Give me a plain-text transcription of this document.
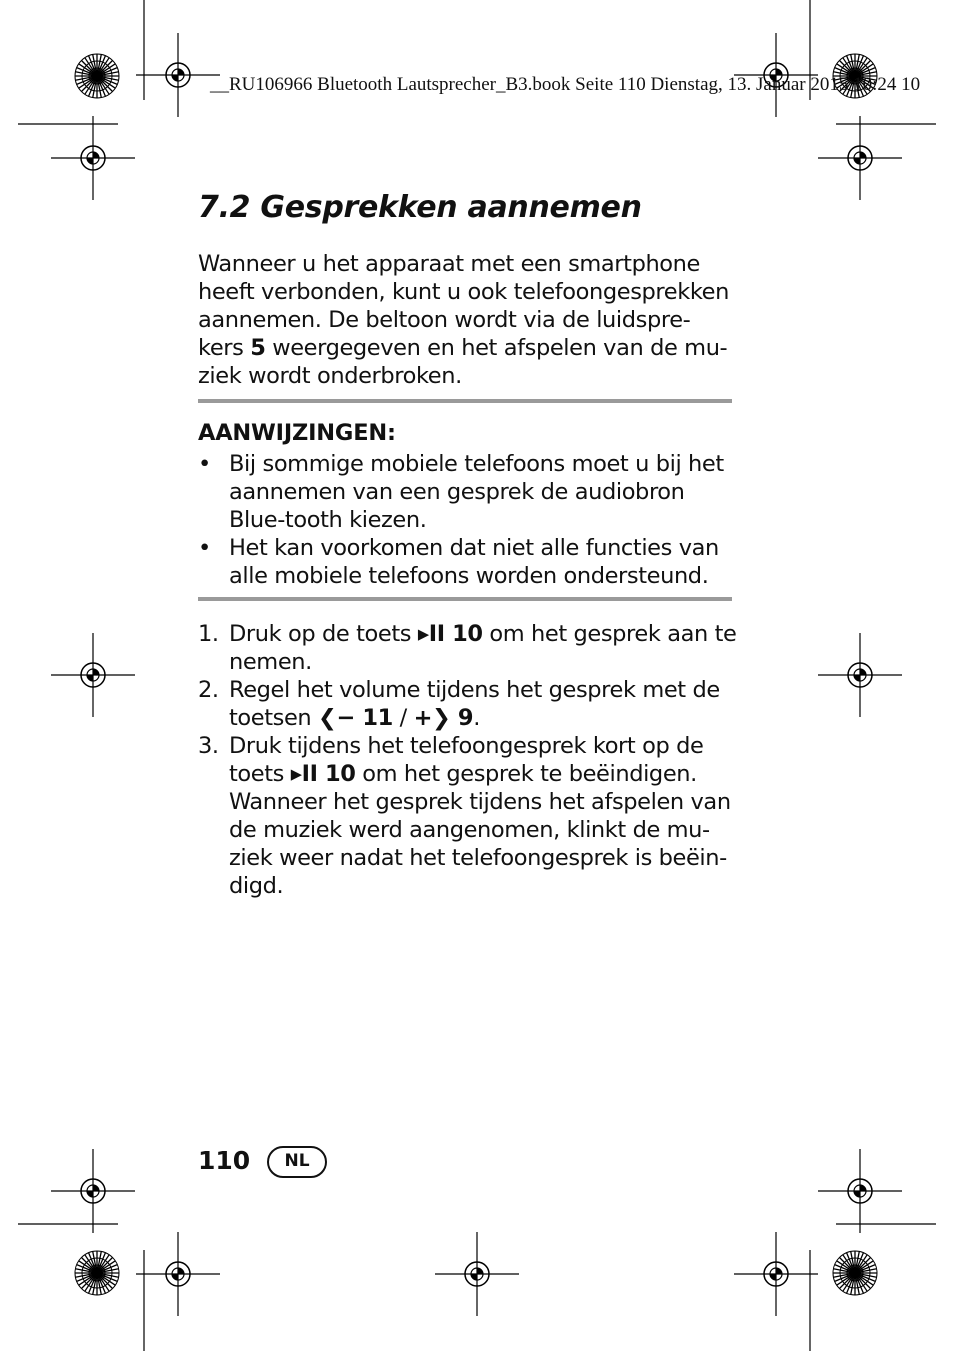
__RU106966 Bluetooth Lautsprecher_B3.book Seite 110 Dienstag, 13. Januar 2015 10:24 10
7.2 Gesprekken aannemen
Wanneer u het apparaat met een smartphone
heeft verbonden, kunt u ook telefoongesprekken
aannemen. De beltoon wordt via de luidspre-
kers 5 weergegeven en het afspelen van de mu-
ziek wordt onderbroken.
AANWIJZINGEN:
• Bij sommige mobiele telefoons moet u bij het aannemen van een gesprek de audiobron Blue-tooth kiezen.
• Het kan voorkomen dat niet alle functies van alle mobiele telefoons worden ondersteund.
1. Druk op de toets ▸II 10 om het gesprek aan te nemen.
2. Regel het volume tijdens het gesprek met de toetsen ❮− 11 / +❯ 9.
3. Druk tijdens het telefoongesprek kort op de toets ▸II 10 om het gesprek te beëindigen. Wanneer het gesprek tijdens het afspelen van de muziek werd aangenomen, klinkt de mu-ziek weer nadat het telefoongesprek is beëin-digd.
110	NL
